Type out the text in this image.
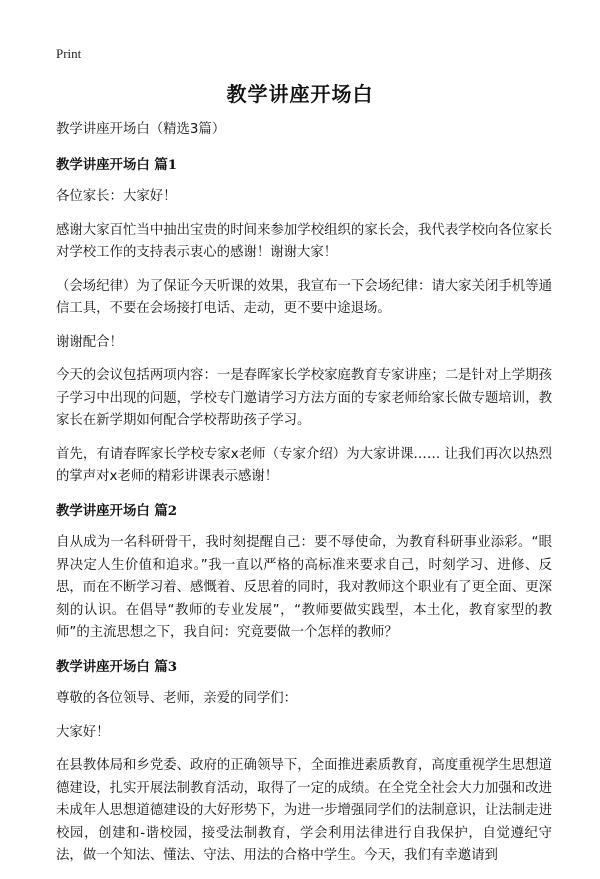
Print
教学讲座开场白

教学讲座开场白（精选3篇）

教学讲座开场白 篇1

各位家长：大家好！

感谢大家百忙当中抽出宝贵的时间来参加学校组织的家长会，我代表学校向各位家长对学校工作的支持表示衷心的感谢！谢谢大家！

（会场纪律）为了保证今天听课的效果，我宣布一下会场纪律：请大家关闭手机等通信工具，不要在会场接打电话、走动，更不要中途退场。

谢谢配合！

今天的会议包括两项内容：一是春晖家长学校家庭教育专家讲座；二是针对上学期孩子学习中出现的问题，学校专门邀请学习方法方面的专家老师给家长做专题培训，教家长在新学期如何配合学校帮助孩子学习。

首先，有请春晖家长学校专家x老师（专家介绍）为大家讲课…… 让我们再次以热烈的掌声对x老师的精彩讲课表示感谢！

教学讲座开场白 篇2

自从成为一名科研骨干，我时刻提醒自己：要不辱使命，为教育科研事业添彩。“眼界决定人生价值和追求。”我一直以严格的高标准来要求自己，时刻学习、进修、反思，而在不断学习着、感慨着、反思着的同时，我对教师这个职业有了更全面、更深刻的认识。在倡导“教师的专业发展”，“教师要做实践型，本土化，教育家型的教师”的主流思想之下，我自问：究竟要做一个怎样的教师？

教学讲座开场白 篇3

尊敬的各位领导、老师，亲爱的同学们：

大家好！

在县教体局和乡党委、政府的正确领导下，全面推进素质教育，高度重视学生思想道德建设，扎实开展法制教育活动，取得了一定的成绩。在全党全社会大力加强和改进未成年人思想道德建设的大好形势下，为进一步增强同学们的法制意识，让法制走进校园，创建和-谐校园，接受法制教育，学会利用法律进行自我保护，自觉遵纪守法，做一个知法、懂法、守法、用法的合格中学生。今天，我们有幸邀请到
